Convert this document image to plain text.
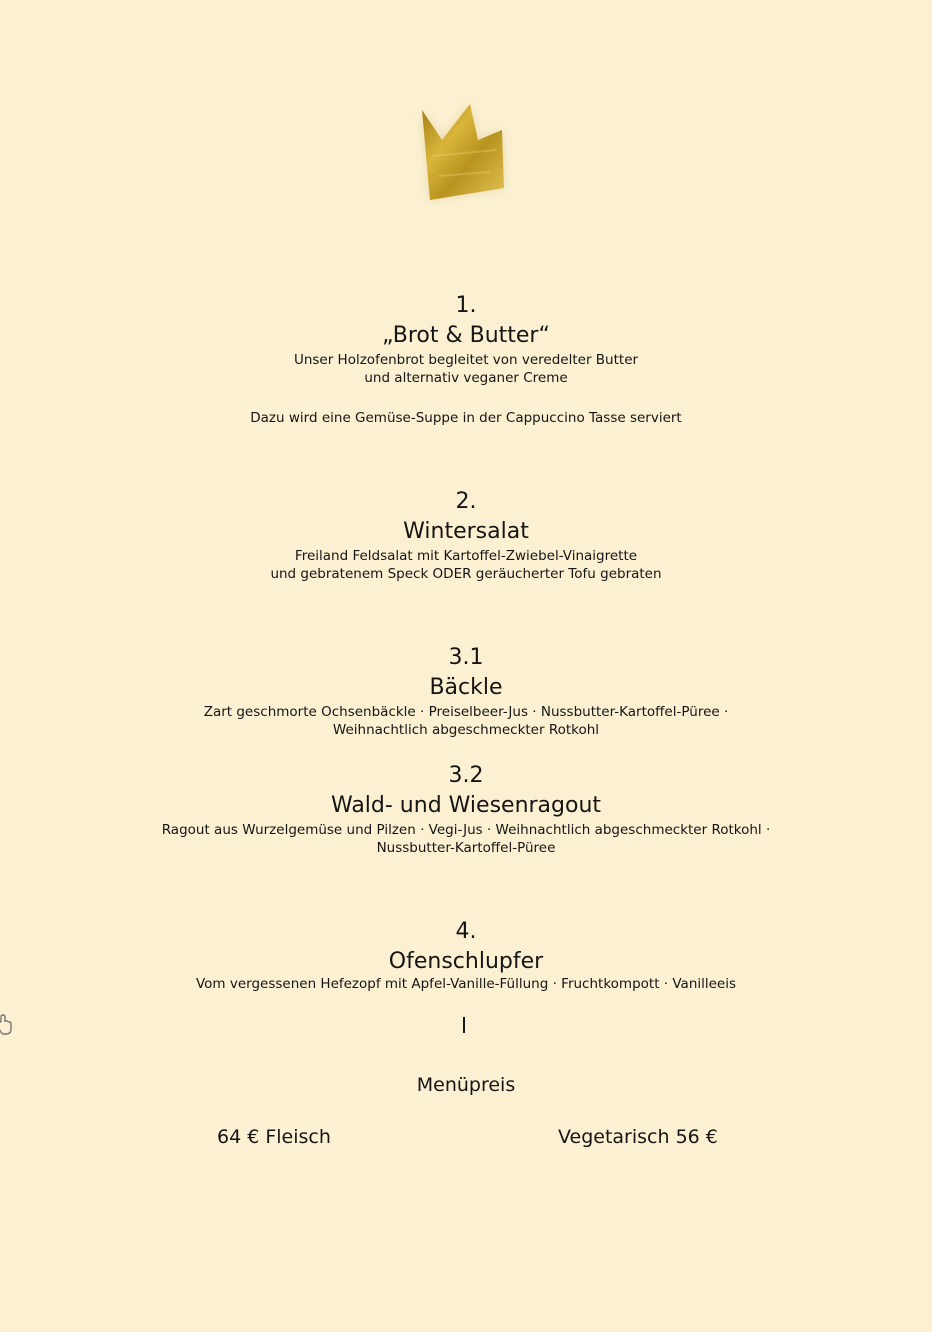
1.
„Brot & Butter“
Unser Holzofenbrot begleitet von veredelter Butter
und alternativ veganer Creme
Dazu wird eine Gemüse-Suppe in der Cappuccino Tasse serviert
2.
Wintersalat
Freiland Feldsalat mit Kartoffel-Zwiebel-Vinaigrette
und gebratenem Speck ODER geräucherter Tofu gebraten
3.1
Bäckle
Zart geschmorte Ochsenbäckle · Preiselbeer-Jus · Nussbutter-Kartoffel-Püree ·
Weihnachtlich abgeschmeckter Rotkohl
3.2
Wald- und Wiesenragout
Ragout aus Wurzelgemüse und Pilzen · Vegi-Jus · Weihnachtlich abgeschmeckter Rotkohl ·
Nussbutter-Kartoffel-Püree
4.
Ofenschlupfer
Vom vergessenen Hefezopf mit Apfel-Vanille-Füllung · Fruchtkompott · Vanilleeis
Menüpreis
64 € Fleisch	Vegetarisch 56 €
